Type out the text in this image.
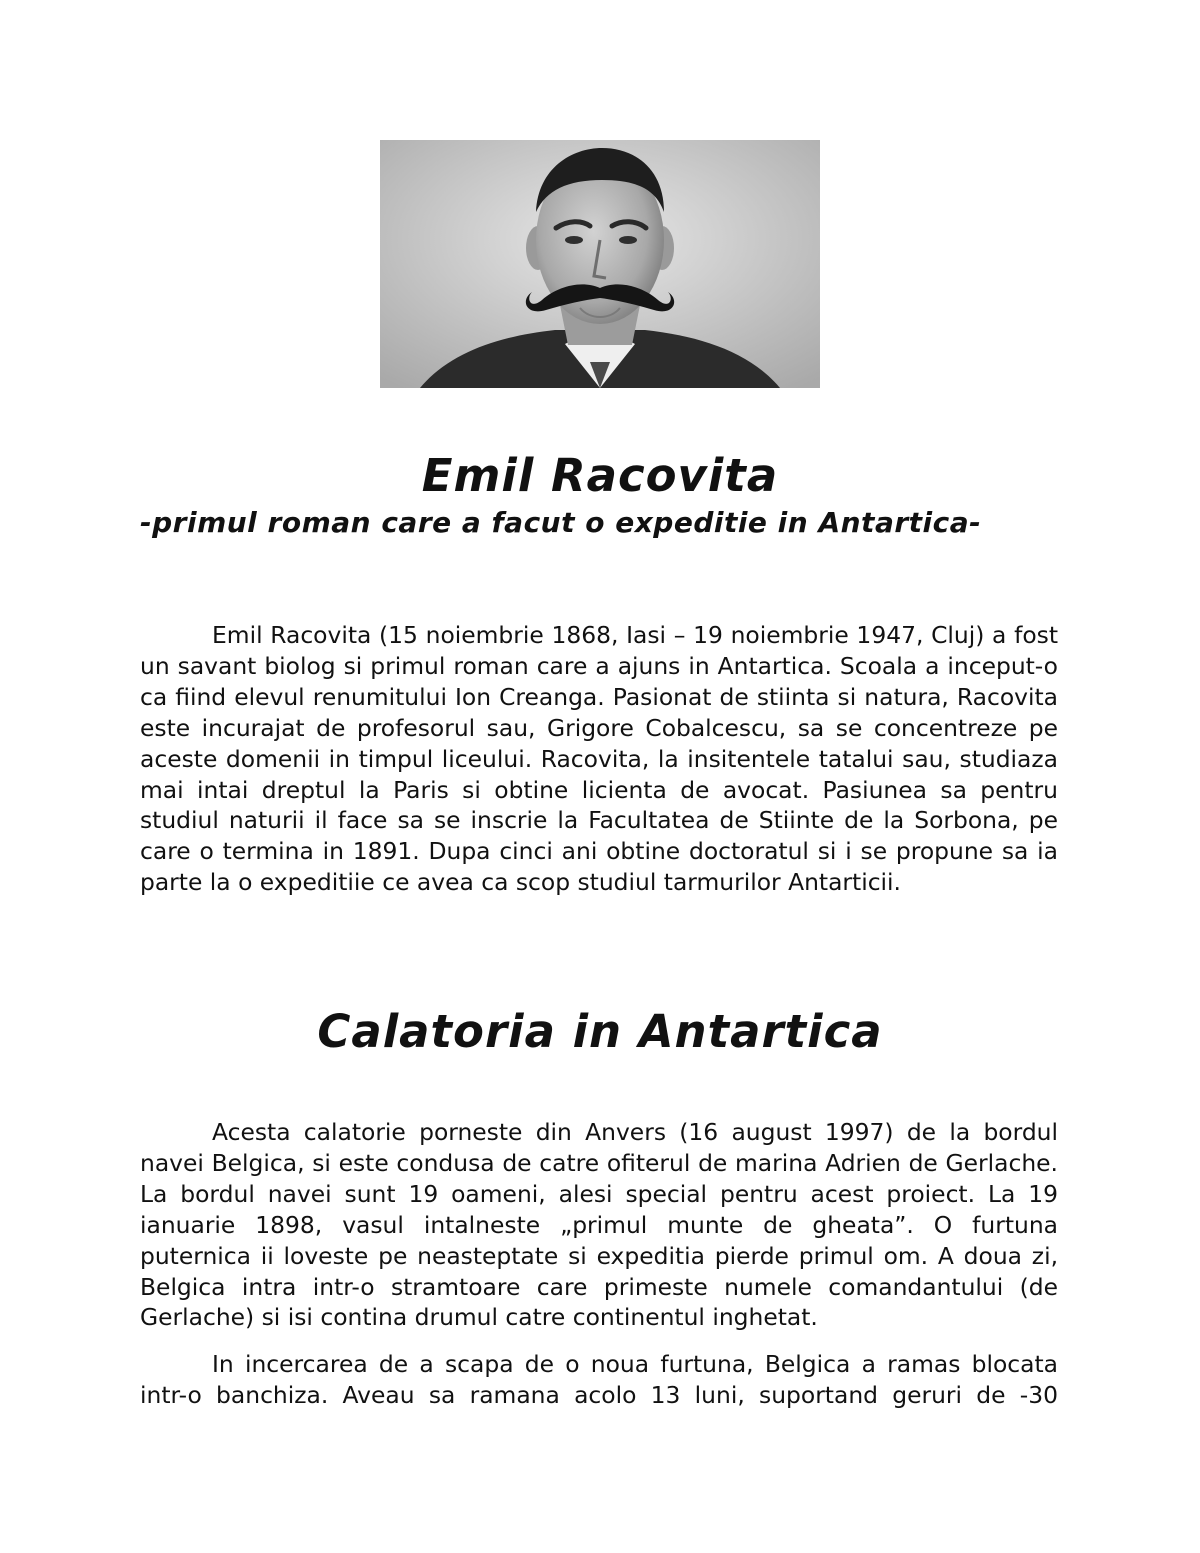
Emil Racovita

-primul roman care a facut o expeditie in Antartica-

Emil Racovita (15 noiembrie 1868, Iasi – 19 noiembrie 1947, Cluj) a fost un savant biolog si primul roman care a ajuns in Antartica. Scoala a inceput-o ca fiind elevul renumitului Ion Creanga. Pasionat de stiinta si natura, Racovita este incurajat de profesorul sau, Grigore Cobalcescu, sa se concentreze pe aceste domenii in timpul liceului. Racovita, la insitentele tatalui sau, studiaza mai intai dreptul la Paris si obtine licienta de avocat. Pasiunea sa pentru studiul naturii il face sa se inscrie la Facultatea de Stiinte de la Sorbona, pe care o termina in 1891. Dupa cinci ani obtine doctoratul si i se propune sa ia parte la o expeditiie ce avea ca scop studiul tarmurilor Antarticii.

Calatoria in Antartica

Acesta calatorie porneste din Anvers (16 august 1997) de la bordul navei Belgica, si este condusa de catre ofiterul de marina Adrien de Gerlache. La bordul navei sunt 19 oameni, alesi special pentru acest proiect. La 19 ianuarie 1898, vasul intalneste „primul munte de gheata”. O furtuna puternica ii loveste pe neasteptate si expeditia pierde primul om. A doua zi, Belgica intra intr-o stramtoare care primeste numele comandantului (de Gerlache) si isi contina drumul catre continentul inghetat.

In incercarea de a scapa de o noua furtuna, Belgica a ramas blocata intr-o banchiza. Aveau sa ramana acolo 13 luni, suportand geruri de -30
